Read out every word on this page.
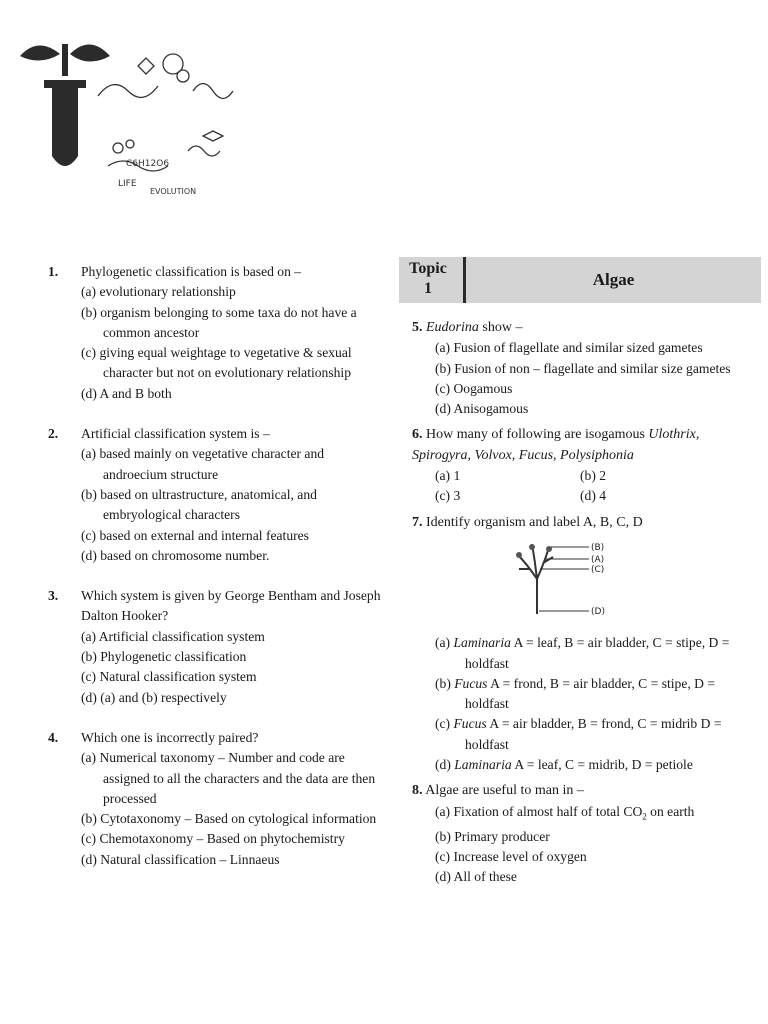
C6H12O6
LIFE
EVOLUTION
1. Phylogenetic classification is based on –
(a) evolutionary relationship
(b) organism belonging to some taxa do not have a common ancestor
(c) giving equal weightage to vegetative & sexual character but not on evolutionary relationship
(d) A and B both
2. Artificial classification system is –
(a) based mainly on vegetative character and androecium structure
(b) based on ultrastructure, anatomical, and embryological characters
(c) based on external and internal features
(d) based on chromosome number.
3. Which system is given by George Bentham and Joseph Dalton Hooker?
(a) Artificial classification system
(b) Phylogenetic classification
(c) Natural classification system
(d) (a) and (b) respectively
4. Which one is incorrectly paired?
(a) Numerical taxonomy – Number and code are assigned to all the characters and the data are then processed
(b) Cytotaxonomy – Based on cytological information
(c) Chemotaxonomy – Based on phytochemistry
(d) Natural classification – Linnaeus
Topic
1	Algae
5. Eudorina show –
(a) Fusion of flagellate and similar sized gametes
(b) Fusion of non – flagellate and similar size gametes
(c) Oogamous
(d) Anisogamous
6. How many of following are isogamous Ulothrix, Spirogyra, Volvox, Fucus, Polysiphonia
(a) 1	(b) 2
(c) 3	(d) 4
7. Identify organism and label A, B, C, D
(B)
(A)
(C)
(D)
(a) Laminaria A = leaf, B = air bladder, C = stipe, D = holdfast
(b) Fucus A = frond, B = air bladder, C = stipe, D = holdfast
(c) Fucus A = air bladder, B = frond, C = midrib D = holdfast
(d) Laminaria A = leaf, C = midrib, D = petiole
8. Algae are useful to man in –
(a) Fixation of almost half of total $CO_2$ on earth
(b) Primary producer
(c) Increase level of oxygen
(d) All of these
